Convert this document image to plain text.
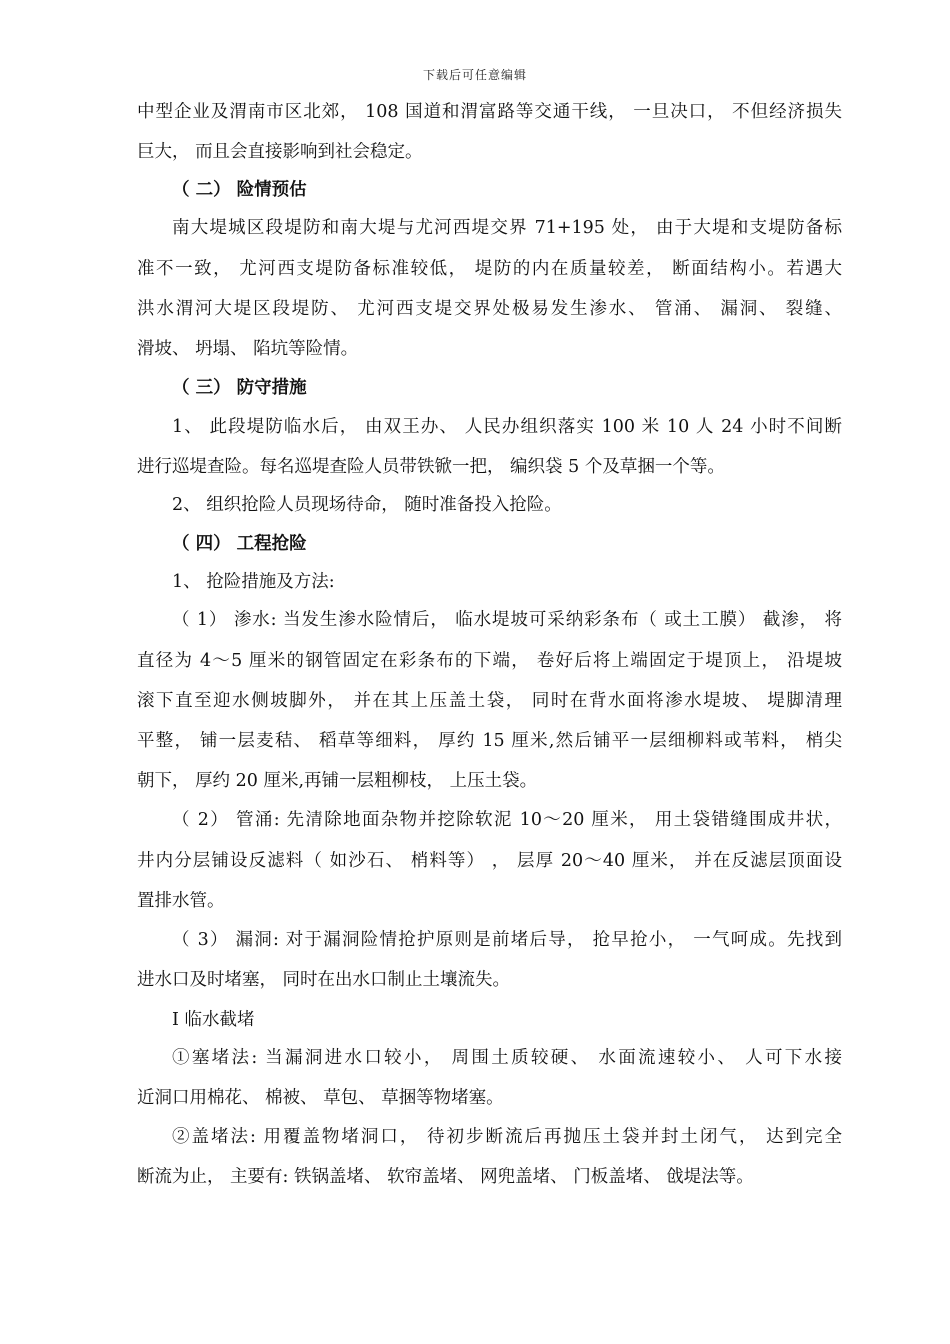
下载后可任意编辑
中型企业及渭南市区北郊， 108 国道和渭富路等交通干线， 一旦决口， 不但经济损失
巨大， 而且会直接影响到社会稳定。
（ 二） 险情预估
南大堤城区段堤防和南大堤与尤河西堤交界 71+195 处， 由于大堤和支堤防备标
准不一致， 尤河西支堤防备标准较低， 堤防的内在质量较差， 断面结构小。若遇大
洪水渭河大堤区段堤防、 尤河西支堤交界处极易发生渗水、 管涌、 漏洞、 裂缝、
滑坡、 坍塌、 陷坑等险情。
（ 三） 防守措施
1、 此段堤防临水后， 由双王办、 人民办组织落实 100 米 10 人 24 小时不间断
进行巡堤查险。每名巡堤查险人员带铁锨一把， 编织袋 5 个及草捆一个等。
2、 组织抢险人员现场待命， 随时准备投入抢险。
（ 四） 工程抢险
1、 抢险措施及方法:
（ 1） 渗水: 当发生渗水险情后， 临水堤坡可采纳彩条布（ 或土工膜） 截渗， 将
直径为 4～5 厘米的钢管固定在彩条布的下端， 卷好后将上端固定于堤顶上， 沿堤坡
滚下直至迎水侧坡脚外， 并在其上压盖土袋， 同时在背水面将渗水堤坡、 堤脚清理
平整， 铺一层麦秸、 稻草等细料， 厚约 15 厘米,然后铺平一层细柳料或苇料， 梢尖
朝下， 厚约 20 厘米,再铺一层粗柳枝， 上压土袋。
（ 2） 管涌: 先清除地面杂物并挖除软泥 10～20 厘米， 用土袋错缝围成井状，
井内分层铺设反滤料（ 如沙石、 梢料等） ， 层厚 20～40 厘米， 并在反滤层顶面设
置排水管。
（ 3） 漏洞: 对于漏洞险情抢护原则是前堵后导， 抢早抢小， 一气呵成。先找到
进水口及时堵塞， 同时在出水口制止土壤流失。
Ⅰ 临水截堵
①塞堵法: 当漏洞进水口较小， 周围土质较硬、 水面流速较小、 人可下水接
近洞口用棉花、 棉被、 草包、 草捆等物堵塞。
②盖堵法: 用覆盖物堵洞口， 待初步断流后再抛压土袋并封土闭气， 达到完全
断流为止， 主要有: 铁锅盖堵、 软帘盖堵、 网兜盖堵、 门板盖堵、 戗堤法等。
